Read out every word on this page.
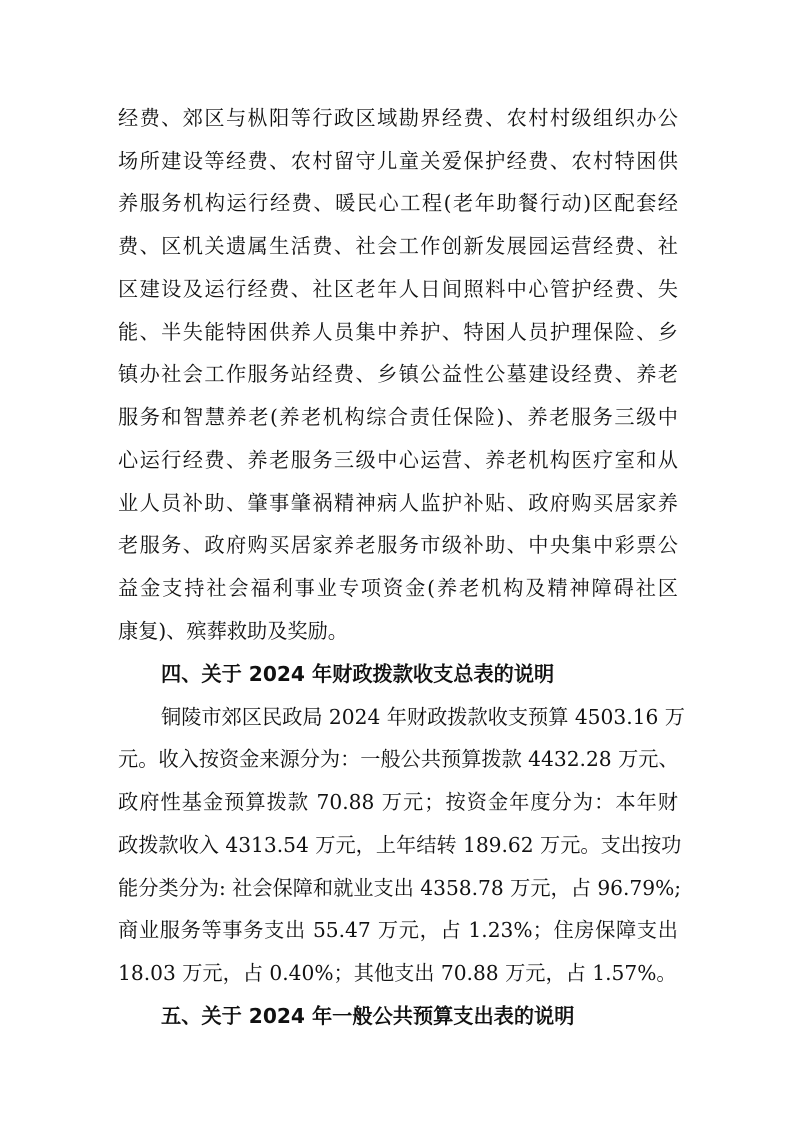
经费、郊区与枞阳等行政区域勘界经费、农村村级组织办公
场所建设等经费、农村留守儿童关爱保护经费、农村特困供
养服务机构运行经费、暖民心工程(老年助餐行动)区配套经
费、区机关遗属生活费、社会工作创新发展园运营经费、社
区建设及运行经费、社区老年人日间照料中心管护经费、失
能、半失能特困供养人员集中养护、特困人员护理保险、乡
镇办社会工作服务站经费、乡镇公益性公墓建设经费、养老
服务和智慧养老(养老机构综合责任保险)、养老服务三级中
心运行经费、养老服务三级中心运营、养老机构医疗室和从
业人员补助、肇事肇祸精神病人监护补贴、政府购买居家养
老服务、政府购买居家养老服务市级补助、中央集中彩票公
益金支持社会福利事业专项资金(养老机构及精神障碍社区
康复)、殡葬救助及奖励。
四、关于 2024 年财政拨款收支总表的说明
铜陵市郊区民政局 2024 年财政拨款收支预算 4503.16 万
元。收入按资金来源分为：一般公共预算拨款 4432.28 万元、
政府性基金预算拨款 70.88 万元；按资金年度分为：本年财
政拨款收入 4313.54 万元，上年结转 189.62 万元。支出按功
能分类分为: 社会保障和就业支出 4358.78 万元，占 96.79%;
商业服务等事务支出 55.47 万元，占 1.23%；住房保障支出
18.03 万元，占 0.40%；其他支出 70.88 万元，占 1.57%。
五、关于 2024 年一般公共预算支出表的说明
